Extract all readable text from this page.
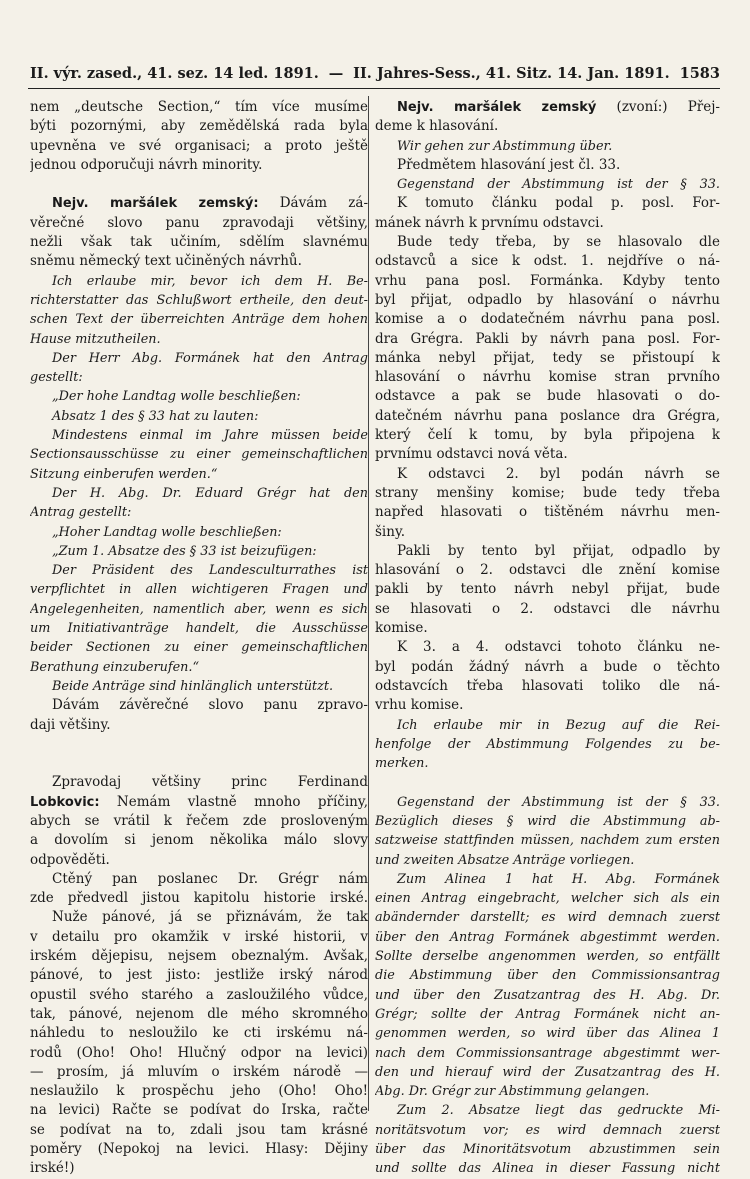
II. výr. zased., 41. sez. 14 led. 1891. — II. Jahres-Sess., 41. Sitz. 14. Jan. 1891. 1583
nem „deutsche Section,“ tím více musíme
býti pozornými, aby zemědělská rada byla
upevněna ve své organisaci; a proto ještě
jednou odporučuji návrh minority.
Nejv. maršálek zemský: Dávám zá-
věrečné slovo panu zpravodaji většiny,
nežli však tak učiním, sdělím slavnému
sněmu německý text učiněných návrhů.
Ich erlaube mir, bevor ich dem H. Be-
richterstatter das Schlußwort ertheile, den deut-
schen Text der überreichten Anträge dem hohen
Hause mitzutheilen.
Der Herr Abg. Formánek hat den Antrag
gestellt:
„Der hohe Landtag wolle beschließen:
Absatz 1 des § 33 hat zu lauten:
Mindestens einmal im Jahre müssen beide
Sectionsausschüsse zu einer gemeinschaftlichen
Sitzung einberufen werden.“
Der H. Abg. Dr. Eduard Grégr hat den
Antrag gestellt:
„Hoher Landtag wolle beschließen:
„Zum 1. Absatze des § 33 ist beizufügen:
Der Präsident des Landesculturrathes ist
verpflichtet in allen wichtigeren Fragen und
Angelegenheiten, namentlich aber, wenn es sich
um Initiativanträge handelt, die Ausschüsse
beider Sectionen zu einer gemeinschaftlichen
Berathung einzuberufen.“
Beide Anträge sind hinlänglich unterstützt.
Dávám závěrečné slovo panu zpravo-
daji většiny.
Zpravodaj většiny princ Ferdinand
Lobkovic: Nemám vlastně mnoho příčiny,
abych se vrátil k řečem zde prosloveným
a dovolím si jenom několika málo slovy
odpověděti.
Ctěný pan poslanec Dr. Grégr nám
zde předvedl jistou kapitolu historie irské.
Nuže pánové, já se přiznávám, že tak
v detailu pro okamžik v irské historii, v
irském dějepisu, nejsem obeznalým. Avšak,
pánové, to jest jisto: jestliže irský národ
opustil svého starého a zasloužilého vůdce,
tak, pánové, nejenom dle mého skromného
náhledu to nesloužilo ke cti irskému ná-
rodů (Oho! Oho! Hlučný odpor na levici)
— prosím, já mluvím o irském národě —
neslaužilo k prospěchu jeho (Oho! Oho!
na levici) Račte se podívat do Irska, račte
se podívat na to, zdali jsou tam krásné
poměry (Nepokoj na levici. Hlasy: Dějiny
irské!)
Nejv. maršálek zemský (zvoní:) Přej-
deme k hlasování.
Wir gehen zur Abstimmung über.
Předmětem hlasování jest čl. 33.
Gegenstand der Abstimmung ist der § 33.
K tomuto článku podal p. posl. For-
mánek návrh k prvnímu odstavci.
Bude tedy třeba, by se hlasovalo dle
odstavců a sice k odst. 1. nejdříve o ná-
vrhu pana posl. Formánka. Kdyby tento
byl přijat, odpadlo by hlasování o návrhu
komise a o dodatečném návrhu pana posl.
dra Grégra. Pakli by návrh pana posl. For-
mánka nebyl přijat, tedy se přistoupí k
hlasování o návrhu komise stran prvního
odstavce a pak se bude hlasovati o do-
datečném návrhu pana poslance dra Grégra,
který čelí k tomu, by byla připojena k
prvnímu odstavci nová věta.
K odstavci 2. byl podán návrh se
strany menšiny komise; bude tedy třeba
napřed hlasovati o tištěném návrhu men-
šiny.
Pakli by tento byl přijat, odpadlo by
hlasování o 2. odstavci dle znění komise
pakli by tento návrh nebyl přijat, bude
se hlasovati o 2. odstavci dle návrhu
komise.
K 3. a 4. odstavci tohoto článku ne-
byl podán žádný návrh a bude o těchto
odstavcích třeba hlasovati toliko dle ná-
vrhu komise.
Ich erlaube mir in Bezug auf die Rei-
henfolge der Abstimmung Folgendes zu be-
merken.
Gegenstand der Abstimmung ist der § 33.
Bezüglich dieses § wird die Abstimmung ab-
satzweise stattfinden müssen, nachdem zum ersten
und zweiten Absatze Anträge vorliegen.
Zum Alinea 1 hat H. Abg. Formánek
einen Antrag eingebracht, welcher sich als ein
abändernder darstellt; es wird demnach zuerst
über den Antrag Formánek abgestimmt werden.
Sollte derselbe angenommen werden, so entfällt
die Abstimmung über den Commissionsantrag
und über den Zusatzantrag des H. Abg. Dr.
Grégr; sollte der Antrag Formánek nicht an-
genommen werden, so wird über das Alinea 1
nach dem Commissionsantrage abgestimmt wer-
den und hierauf wird der Zusatzantrag des H.
Abg. Dr. Grégr zur Abstimmung gelangen.
Zum 2. Absatze liegt das gedruckte Mi-
noritätsvotum vor; es wird demnach zuerst
über das Minoritätsvotum abzustimmen sein
und sollte das Alinea in dieser Fassung nicht
